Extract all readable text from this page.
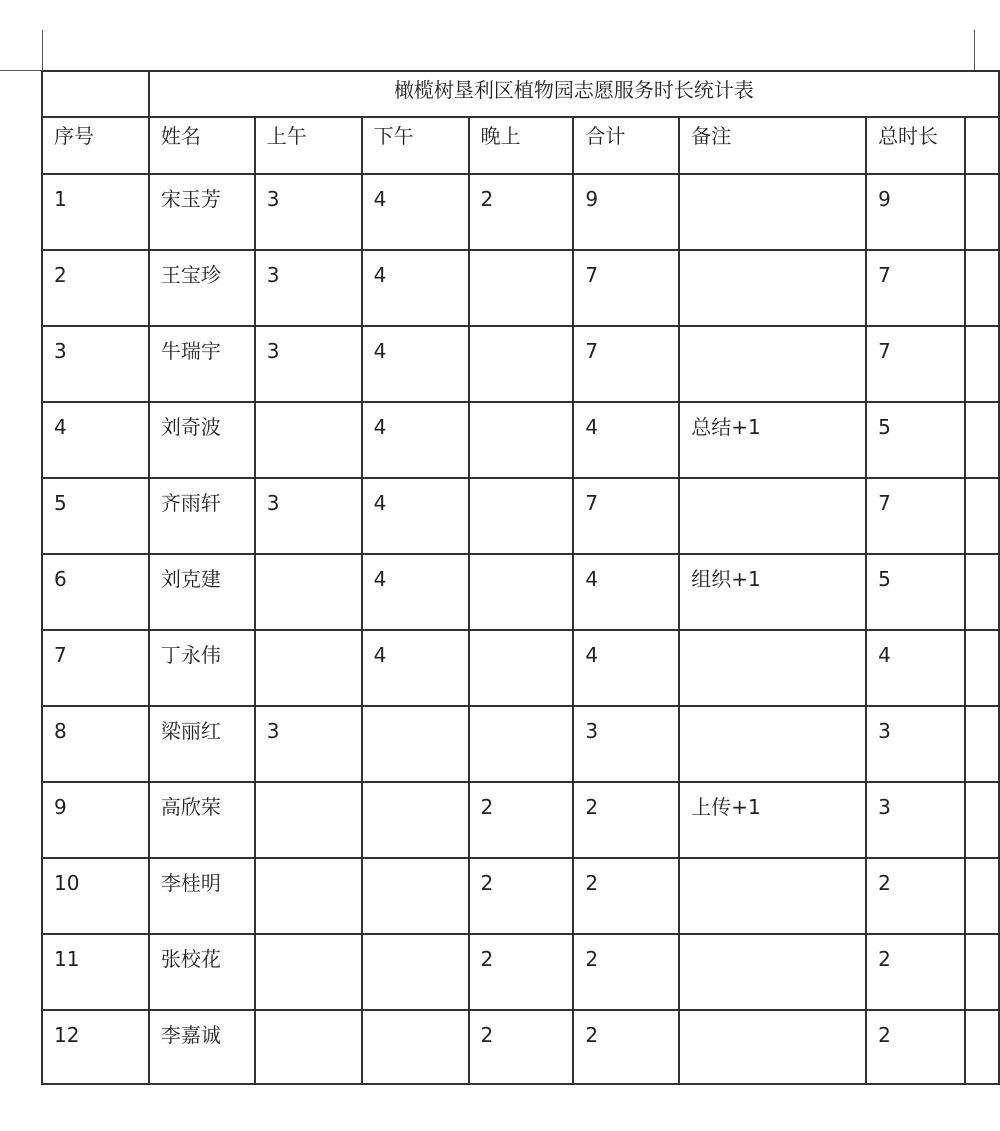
	橄榄树垦利区植物园志愿服务时长统计表							

序号	姓名	上午	下午	晚上	合计	备注	总时长	

1	宋玉芳	3	4	2	9		9	

2	王宝珍	3	4		7		7	

3	牛瑞宇	3	4		7		7	

4	刘奇波		4		4	总结+1	5	

5	齐雨轩	3	4		7		7	

6	刘克建		4		4	组织+1	5	

7	丁永伟		4		4		4	

8	梁丽红	3			3		3	

9	高欣荣			2	2	上传+1	3	

10	李桂明			2	2		2	

11	张校花			2	2		2	

12	李嘉诚			2	2		2	
